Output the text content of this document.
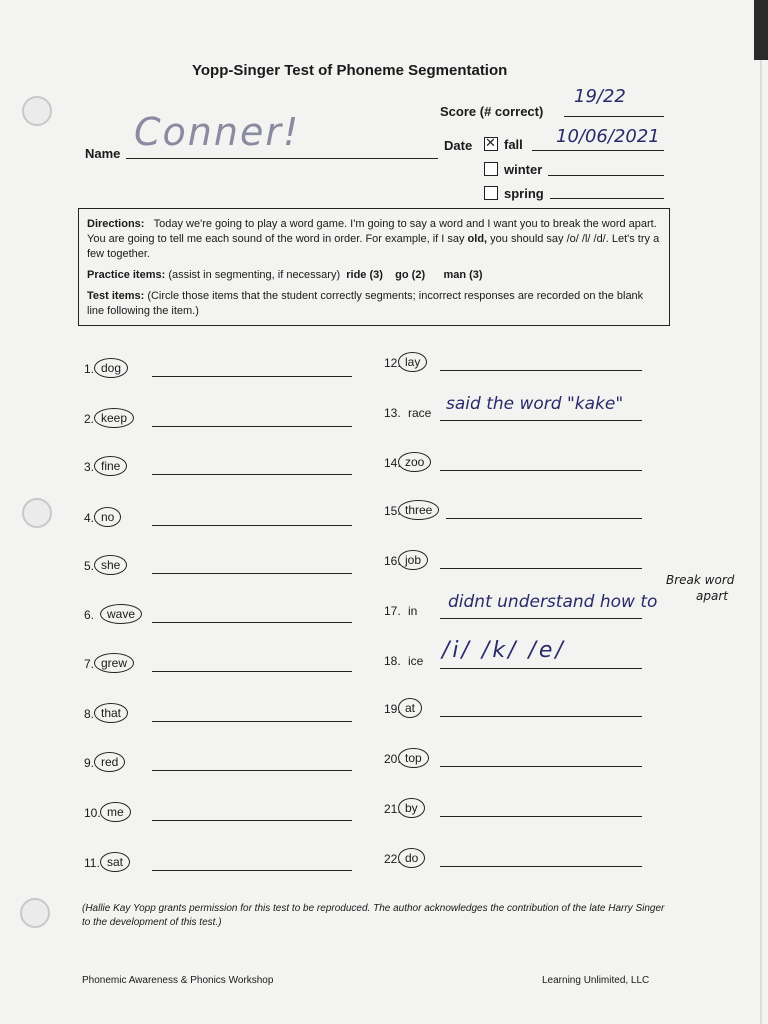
Yopp-Singer Test of Phoneme Segmentation
Score (# correct)
19/22
Name Conner!	Date
✕ fall 10/06/2021
winter
spring

Directions: Today we're going to play a word game. I'm going to say a word and I want you to break the word apart. You are going to tell me each sound of the word in order. For example, if I say old, you should say /o/ /l/ /d/. Let's try a few together.

Practice items: (assist in segmenting, if necessary) ride (3) go (2) man (3)

Test items: (Circle those items that the student correctly segments; incorrect responses are recorded on the blank line following the item.)

1. dog
2. keep
3. fine
4. no
5. she
6.	wave
7. grew
8. that
9. red
10. me
11. sat
12. lay
13. race said the word "kake"
14. zoo
15. three
16. job
17. in didnt understand how to
18. ice /i/ /k/ /e/
19. at
20. top
21. by
22. do
Break word
apart
(Hallie Kay Yopp grants permission for this test to be reproduced. The author acknowledges the contribution of the late Harry Singer to the development of this test.)
Phonemic Awareness & Phonics Workshop	Learning Unlimited, LLC
